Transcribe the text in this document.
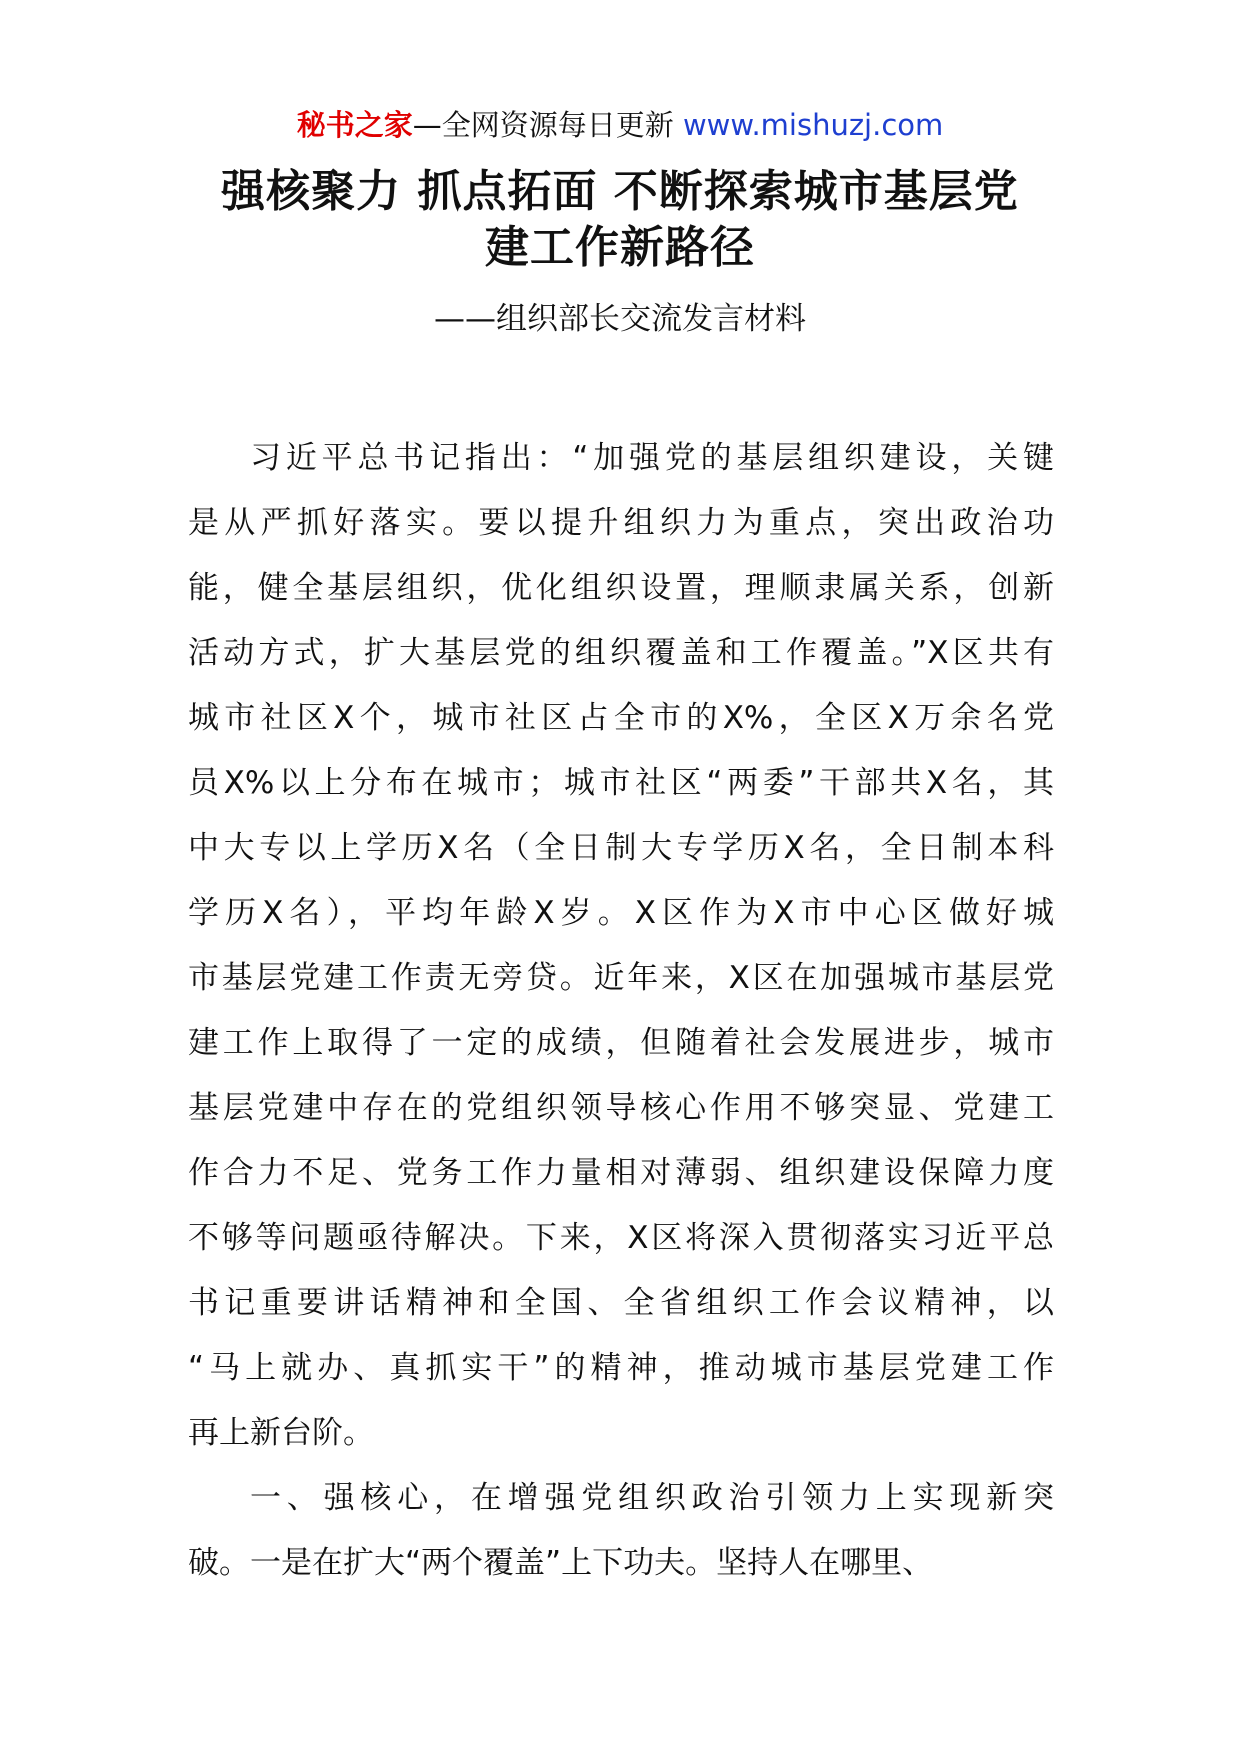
秘书之家—全网资源每日更新 www.mishuzj.com
强核聚力 抓点拓面 不断探索城市基层党
建工作新路径
——组织部长交流发言材料
习近平总书记指出：“加强党的基层组织建设，关键
是从严抓好落实。要以提升组织力为重点，突出政治功
能，健全基层组织，优化组织设置，理顺隶属关系，创新
活动方式，扩大基层党的组织覆盖和工作覆盖。”X区共有
城市社区X个，城市社区占全市的X%，全区X万余名党
员X%以上分布在城市；城市社区“两委”干部共X名，其
中大专以上学历X名（全日制大专学历X名，全日制本科
学历X名），平均年龄X岁。X区作为X市中心区做好城
市基层党建工作责无旁贷。近年来，X区在加强城市基层党
建工作上取得了一定的成绩，但随着社会发展进步，城市
基层党建中存在的党组织领导核心作用不够突显、党建工
作合力不足、党务工作力量相对薄弱、组织建设保障力度
不够等问题亟待解决。下来，X区将深入贯彻落实习近平总
书记重要讲话精神和全国、全省组织工作会议精神，以
“马上就办、真抓实干”的精神，推动城市基层党建工作
再上新台阶。
一、强核心，在增强党组织政治引领力上实现新突
破。一是在扩大“两个覆盖”上下功夫。坚持人在哪里、
